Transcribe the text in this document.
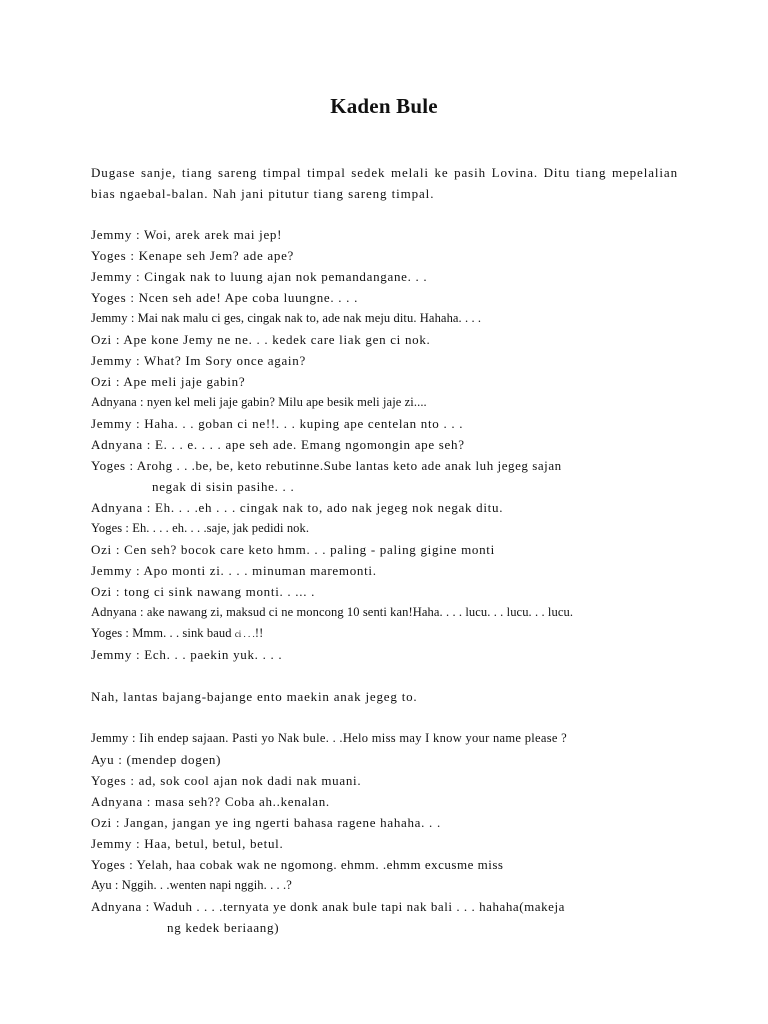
Kaden Bule

Dugase sanje, tiang sareng timpal timpal sedek melali ke pasih Lovina. Ditu tiang mepelalian bias ngaebal-balan. Nah jani pitutur tiang sareng timpal.

Jemmy : Woi, arek arek mai jep!
Yoges : Kenape seh Jem? ade ape?
Jemmy : Cingak nak to luung ajan nok pemandangane. . .
Yoges : Ncen seh ade! Ape coba luungne. . . .
Jemmy : Mai nak malu ci ges, cingak nak to, ade nak meju ditu. Hahaha. . . .
Ozi : Ape kone Jemy ne ne. . . kedek care liak gen ci nok.
Jemmy : What? Im Sory once again?
Ozi : Ape meli jaje gabin?
Adnyana : nyen kel meli jaje gabin? Milu ape besik meli jaje zi....
Jemmy : Haha. . . goban ci ne!!. . . kuping ape centelan nto . . .
Adnyana : E. . . e. . . . ape seh ade. Emang ngomongin ape seh?
Yoges : Arohg . . .be, be, keto rebutinne.Sube lantas keto ade anak luh jegeg sajan
negak di sisin pasihe. . .
Adnyana : Eh. . . .eh . . . cingak nak to, ado nak jegeg nok negak ditu.
Yoges : Eh. . . . eh. . . .saje, jak pedidi nok.
Ozi : Cen seh? bocok care keto hmm. . . paling - paling gigine monti
Jemmy : Apo monti zi. . . . minuman maremonti.
Ozi : tong ci sink nawang monti. . ... .
Adnyana : ake nawang zi, maksud ci ne moncong 10 senti kan!Haha. . . . lucu. . . lucu. . . lucu.
Yoges : Mmm. . . sink baud ci . . .!!
Jemmy : Ech. . . paekin yuk. . . .
Nah, lantas bajang-bajange ento maekin anak jegeg to.
Jemmy : Iih endep sajaan. Pasti yo Nak bule. . .Helo miss may I know your name please ?
Ayu : (mendep dogen)
Yoges : ad, sok cool ajan nok dadi nak muani.
Adnyana : masa seh?? Coba ah..kenalan.
Ozi : Jangan, jangan ye ing ngerti bahasa ragene hahaha. . .
Jemmy : Haa, betul, betul, betul.
Yoges : Yelah, haa cobak wak ne ngomong. ehmm. .ehmm excusme miss
Ayu : Nggih. . .wenten napi nggih. . . .?
Adnyana : Waduh . . . .ternyata ye donk anak bule tapi nak bali . . . hahaha(makeja
ng kedek beriaang)
